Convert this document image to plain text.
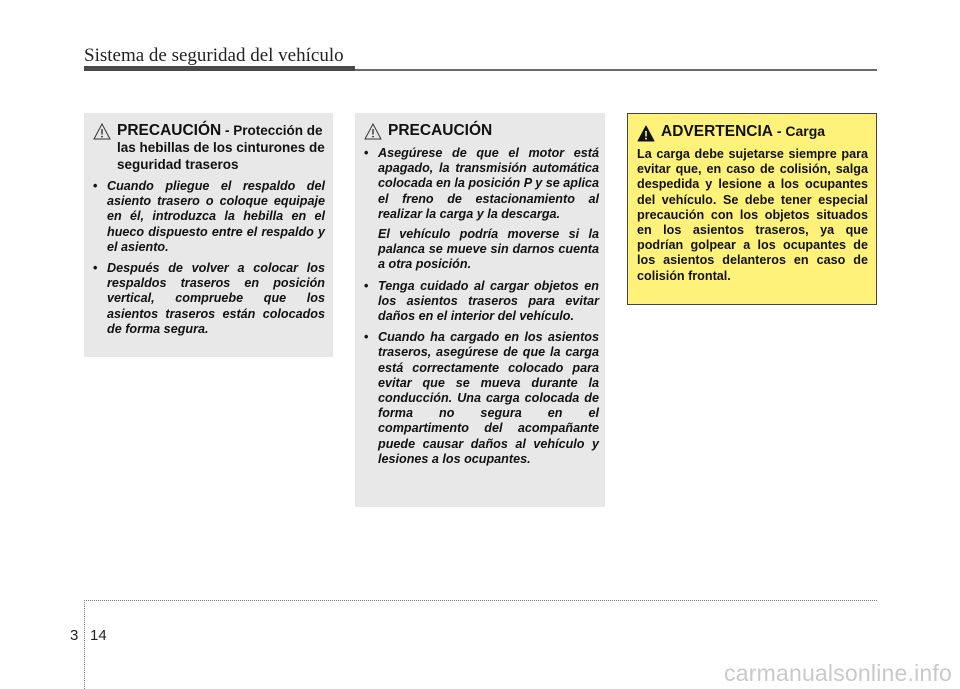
Sistema de seguridad del vehículo
PRECAUCIÓN - Protección de las hebillas de los cinturones de seguridad traseros
• Cuando pliegue el respaldo del asiento trasero o coloque equipaje en él, introduzca la hebilla en el hueco dispuesto entre el respaldo y el asiento.
• Después de volver a colocar los respaldos traseros en posición vertical, compruebe que los asientos traseros están colocados de forma segura.
PRECAUCIÓN
• Asegúrese de que el motor está apagado, la transmisión automática colocada en la posición P y se aplica el freno de estacionamiento al realizar la carga y la descarga.
El vehículo podría moverse si la palanca se mueve sin darnos cuenta a otra posición.
• Tenga cuidado al cargar objetos en los asientos traseros para evitar daños en el interior del vehículo.
• Cuando ha cargado en los asientos traseros, asegúrese de que la carga está correctamente colocado para evitar que se mueva durante la conducción. Una carga colocada de forma no segura en el compartimento del acompañante puede causar daños al vehículo y lesiones a los ocupantes.
ADVERTENCIA - Carga
La carga debe sujetarse siempre para evitar que, en caso de colisión, salga despedida y lesione a los ocupantes del vehículo. Se debe tener especial precaución con los objetos situados en los asientos traseros, ya que podrían golpear a los ocupantes de los asientos delanteros en caso de colisión frontal.
3 14
carmanualsonline.info
